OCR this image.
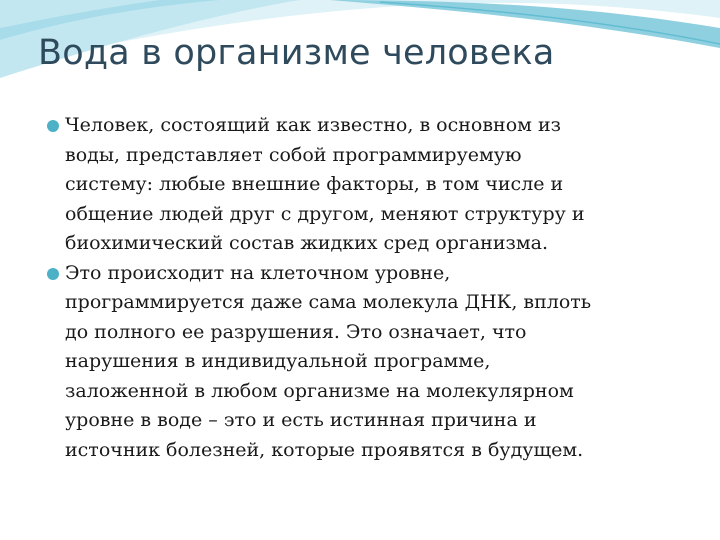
Вода в организме человека
Человек, состоящий как известно, в основном из
воды, представляет собой программируемую
систему: любые внешние факторы, в том числе и
общение людей друг с другом, меняют структуру и
биохимический состав жидких сред организма.
Это происходит на клеточном уровне,
программируется даже сама молекула ДНК, вплоть
до полного ее разрушения. Это означает, что
нарушения в индивидуальной программе,
заложенной в любом организме на молекулярном
уровне в воде – это и есть истинная причина и
источник болезней, которые проявятся в будущем.
